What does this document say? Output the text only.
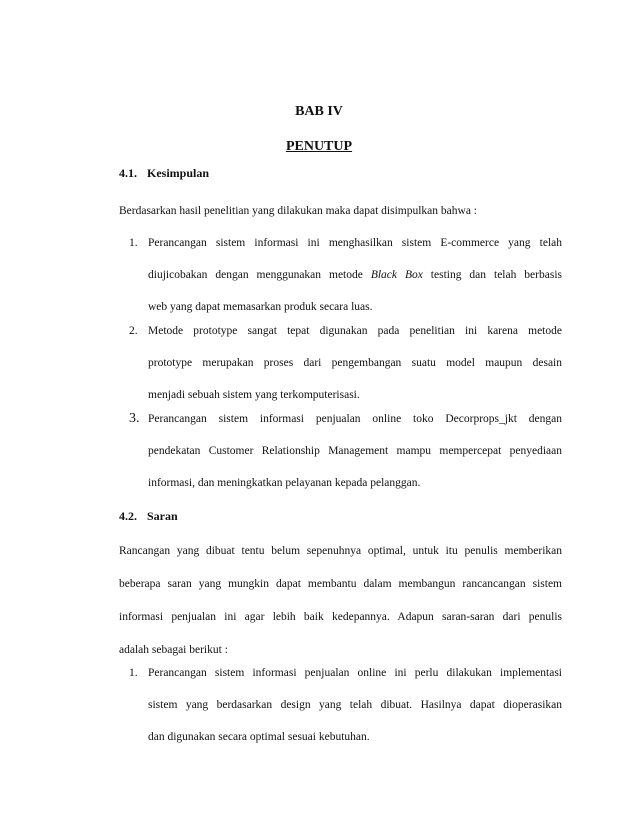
BAB IV
PENUTUP
4.1. Kesimpulan
Berdasarkan hasil penelitian yang dilakukan maka dapat disimpulkan bahwa :
1. Perancangan sistem informasi ini menghasilkan sistem E-commerce yang telah
diujicobakan dengan menggunakan metode Black Box testing dan telah berbasis
web yang dapat memasarkan produk secara luas.
2. Metode prototype sangat tepat digunakan pada penelitian ini karena metode
prototype merupakan proses dari pengembangan suatu model maupun desain
menjadi sebuah sistem yang terkomputerisasi.
3. Perancangan sistem informasi penjualan online toko Decorprops_jkt dengan
pendekatan Customer Relationship Management mampu mempercepat penyediaan
informasi, dan meningkatkan pelayanan kepada pelanggan.
4.2. Saran
Rancangan yang dibuat tentu belum sepenuhnya optimal, untuk itu penulis memberikan
beberapa saran yang mungkin dapat membantu dalam membangun rancancangan sistem
informasi penjualan ini agar lebih baik kedepannya. Adapun saran-saran dari penulis
adalah sebagai berikut :
1. Perancangan sistem informasi penjualan online ini perlu dilakukan implementasi
sistem yang berdasarkan design yang telah dibuat. Hasilnya dapat dioperasikan
dan digunakan secara optimal sesuai kebutuhan.
